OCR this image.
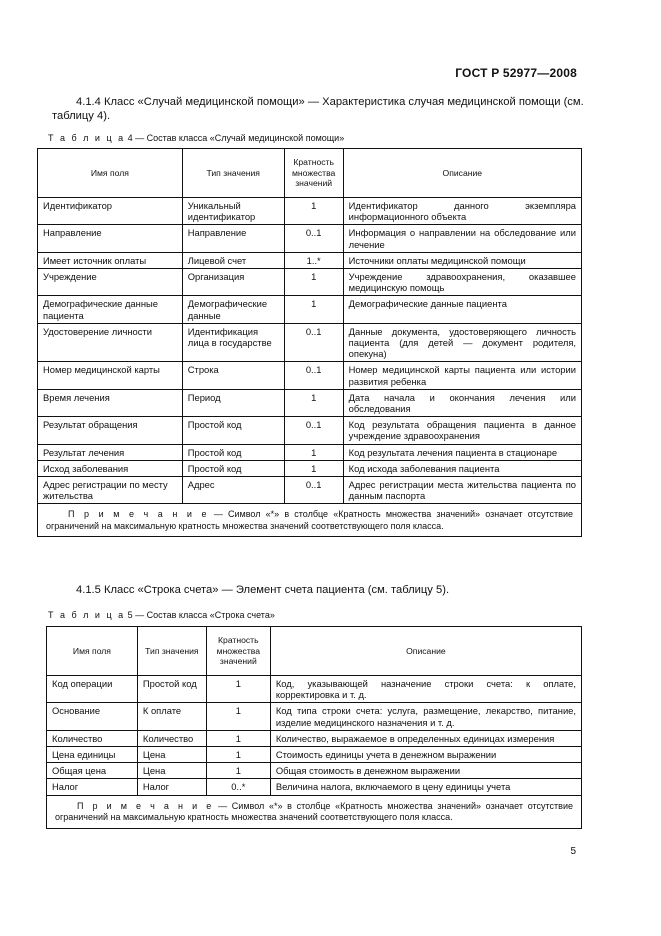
ГОСТ Р 52977—2008
4.1.4 Класс «Случай медицинской помощи» — Характеристика случая медицинской помощи (см. таблицу 4).
Т а б л и ц а 4 — Состав класса «Случай медицинской помощи»
Имя поля	Тип значения	Кратность множества значений	Описание
Идентификатор	Уникальный идентификатор	1	Идентификатор данного экземпляра информационного объекта
Направление	Направление	0..1	Информация о направлении на обследование или лечение
Имеет источник оплаты	Лицевой счет	1..*	Источники оплаты медицинской помощи
Учреждение	Организация	1	Учреждение здравоохранения, оказавшее медицинскую помощь
Демографические данные пациента	Демографические данные	1	Демографические данные пациента
Удостоверение личности	Идентификация лица в государстве	0..1	Данные документа, удостоверяющего личность пациента (для детей — документ родителя, опекуна)
Номер медицинской карты	Строка	0..1	Номер медицинской карты пациента или истории развития ребенка
Время лечения	Период	1	Дата начала и окончания лечения или обследования
Результат обращения	Простой код	0..1	Код результата обращения пациента в данное учреждение здравоохранения
Результат лечения	Простой код	1	Код результата лечения пациента в стационаре
Исход заболевания	Простой код	1	Код исхода заболевания пациента
Адрес регистрации по месту жительства	Адрес	0..1	Адрес регистрации места жительства пациента по данным паспорта
П р и м е ч а н и е — Символ «*» в столбце «Кратность множества значений» означает отсутствие ограничений на максимальную кратность множества значений соответствующего поля класса.			
4.1.5 Класс «Строка счета» — Элемент счета пациента (см. таблицу 5).
Т а б л и ц а 5 — Состав класса «Строка счета»
Имя поля	Тип значения	Кратность множества значений	Описание
Код операции	Простой код	1	Код, указывающей назначение строки счета: к оплате, корректировка и т. д.
Основание	К оплате	1	Код типа строки счета: услуга, размещение, лекарство, питание, изделие медицинского назначения и т. д.
Количество	Количество	1	Количество, выражаемое в определенных единицах измерения
Цена единицы	Цена	1	Стоимость единицы учета в денежном выражении
Общая цена	Цена	1	Общая стоимость в денежном выражении
Налог	Налог	0..*	Величина налога, включаемого в цену единицы учета
П р и м е ч а н и е — Символ «*» в столбце «Кратность множества значений» означает отсутствие ограничений на максимальную кратность множества значений соответствующего поля класса.			
5
